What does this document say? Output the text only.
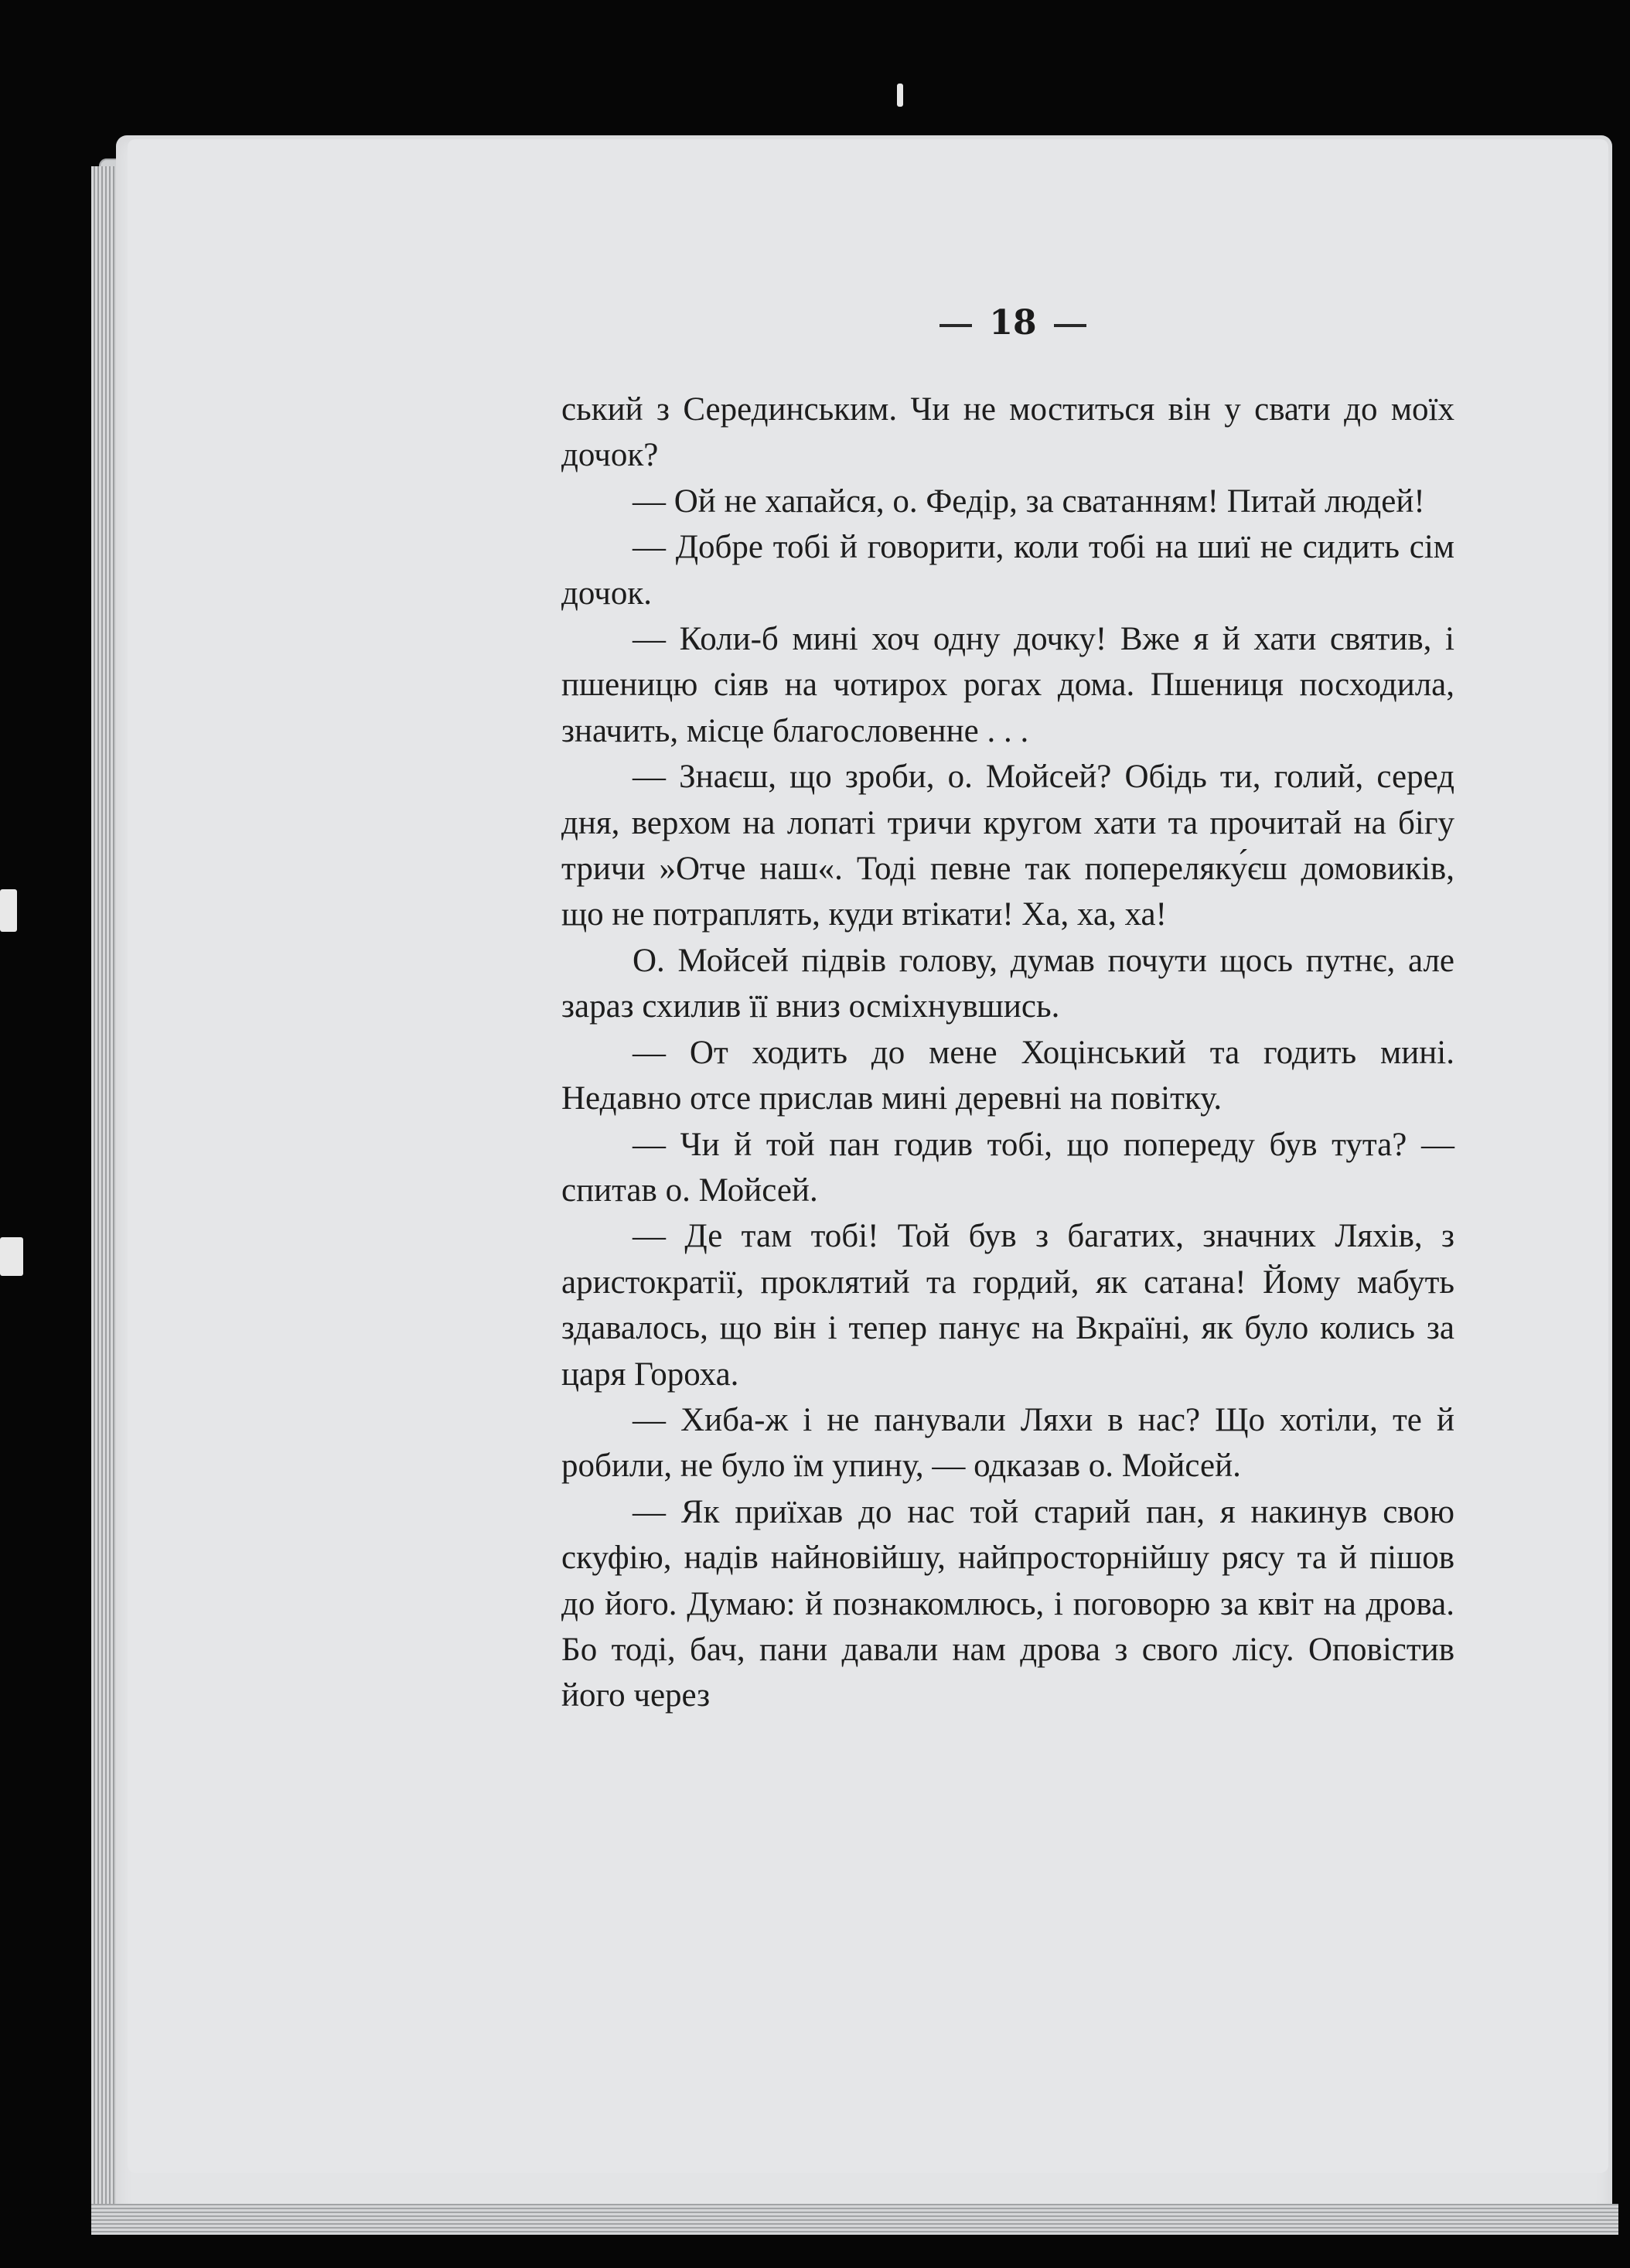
18

ський з Серединським. Чи не моститься він у свати до моїх дочок?

— Ой не хапайся, о. Федір, за сватанням! Питай людей!

— Добре тобі й говорити, коли тобі на шиї не сидить сім дочок.

— Коли-б мині хоч одну дочку! Вже я й хати святив, і пшеницю сіяв на чотирох рогах дома. Пшениця посходила, значить, місце благословенне . . .

— Знаєш, що зроби, о. Мойсей? Обідь ти, голий, серед дня, верхом на лопаті тричи кругом хати та прочитай на бігу тричи »Отче наш«. Тоді певне так попереляку́єш домовиків, що не потраплять, куди втікати! Ха, ха, ха!

О. Мойсей підвів голову, думав почути щось путнє, але зараз схилив її вниз осміхнувшись.

— От ходить до мене Хоцінський та годить мині. Недавно отсе прислав мині деревні на повітку.

— Чи й той пан годив тобі, що попереду був тута? — спитав о. Мойсей.

— Де там тобі! Той був з багатих, значних Ляхів, з аристократії, проклятий та гордий, як сатана! Йому мабуть здавалось, що він і тепер панує на Вкраїні, як було колись за царя Гороха.

— Хиба-ж і не панували Ляхи в нас? Що хотіли, те й робили, не було їм упину, — одказав о. Мойсей.

— Як приїхав до нас той старий пан, я накинув свою скуфію, надів найновійшу, найпросторнійшу рясу та й пішов до його. Думаю: й познакомлюсь, і поговорю за квіт на дрова. Бо тоді, бач, пани давали нам дрова з свого лісу. Оповістив його через
